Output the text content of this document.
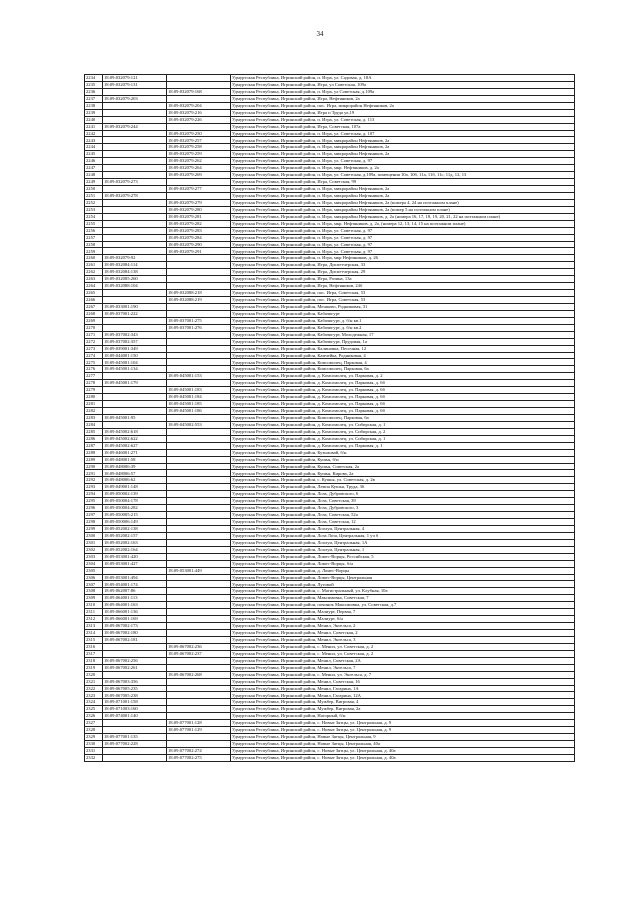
34
2234	18:09:032079:121		Удмуртская Республика, Игринский район, п. Игра, ул. Садовая, д. 18А
2235	18:09:032079:131		Удмуртская Республика, Игринский район, Игра, ул Советская, 109а
2236		18:09:032079:168	Удмуртская Республика, Игринский район, п. Игра, ул Советская, д.109а
2237	18:09:032079:203		Удмуртская Республика, Игринский район, Игра, Нефтяников, 2а
2238		18:09:032079:204	Удмуртская Республика, Игринский район, пос. Игра, микрорайон Нефтяников, 2а
2239		18:09:032079:216	Удмуртская Республика, Игринский район, Игра п Труда ул,19
2240		18:09:032079:226	Удмуртская Республика, Игринский район, п. Игра, ул. Советская, д. 113
2241	18:09:032079:244		Удмуртская Республика, Игринский район, Игра, Советская, 107а
2242		18:09:032079:250	Удмуртская Республика, Игринский район, п. Игра, ул. Советская, д. 107
2243		18:09:032079:257	Удмуртская Республика, Игринский район, п. Игра, микрорайон Нефтяников, 2а
2244		18:09:032079:258	Удмуртская Республика, Игринский район, п. Игра, микрорайон Нефтяников, 2а
2245		18:09:032079:259	Удмуртская Республика, Игринский район, п. Игра, микрорайон Нефтяников, 2а
2246		18:09:032079:262	Удмуртская Республика, Игринский район, п. Игра, ул. Советская, д. 97
2247		18:09:032079:264	Удмуртская Республика, Игринский район, п. Игра, мкр. Нефтяников, д. 2а
2248		18:09:032079:269	Удмуртская Республика, Игринский район, п. Игра, ул. Советская, д.109а, помещения 10а, 10б, 11а, 11б, 11с, 11д, 12, 13
2249	18:09:032079:273		Удмуртская Республика, Игринский район, Игра, Советская, 99
2250		18:09:032079:277	Удмуртская Республика, Игринский район, п. Игра, микрорайон Нефтяников, 2а
2251	18:09:032079:278		Удмуртская Республика, Игринский район, п. Игра, микрорайон Нефтяников, 2а
2252		18:09:032079:279	Удмуртская Республика, Игринский район, п. Игра, микрорайон Нефтяников, 2а (номера 4, 24 на поэтажном плане)
2253		18:09:032079:280	Удмуртская Республика, Игринский район, п. Игра, микрорайон Нефтяников, 2а (номер 5 на поэтажном плане)
2254		18:09:032079:281	Удмуртская Республика, Игринский район, п. Игра, микрорайон Нефтяников, д. 2а (номера 16, 17, 18, 19, 20, 21, 22 на поэтажном плане)
2255		18:09:032079:282	Удмуртская Республика, Игринский район, п. Игра, мкр. Нефтяников, д. 2а, (номера 12, 13, 14, 15 на поэтажном плане)
2256		18:09:032079:283	Удмуртская Республика, Игринский район, п. Игра, ул. Советская, д. 97
2257		18:09:032079:284	Удмуртская Республика, Игринский район, п. Игра, ул. Советская, д. 97
2258		18:09:032079:290	Удмуртская Республика, Игринский район, п. Игра, ул. Советская, д. 97
2259		18:09:032079:291	Удмуртская Республика, Игринский район, п. Игра, ул. Советская, д. 97
2260	18:09:032079:92		Удмуртская Республика, Игринский район, п. Игра, мкр Нефтяников, д. 26
2261	18:09:032084:114		Удмуртская Республика, Игринский район, Игра, Диспетчерская, 33
2262	18:09:032084:138		Удмуртская Республика, Игринский район, Игра, Диспетчерская, 29
2263	18:09:032085:260		Удмуртская Республика, Игринский район, Игра, Разина, 13а
2264	18:09:032088:104		Удмуртская Республика, Игринский район, Игра, Нефтяников, 24б
2265		18:09:032088:218	Удмуртская Республика, Игринский район, пос. Игра, Советская, 53
2266		18:09:032088:219	Удмуртская Республика, Игринский район, пос. Игра, Советская, 53
2267	18:09:033001:190		Удмуртская Республика, Игринский район, Мешково, Родниковая, 31
2268	18:09:037001:222		Удмуртская Республика, Игринский район, Кабачигурт
2269		18:09:037001:275	Удмуртская Республика, Игринский район, Кабачигурт, д. б/н кв.1
2270		18:09:037001:276	Удмуртская Республика, Игринский район, Кабачигурт, д. б/н кв.2
2271	18:09:037002:343		Удмуртская Республика, Игринский район, Кабачигурт, Молодежная, 17
2272	18:09:037002:357		Удмуртская Республика, Игринский район, Кабачигурт, Прудовая, 1а
2273	18:09:039001:349		Удмуртская Республика, Игринский район, Калиновка, Песочная, 12
2274	18:09:044001:150		Удмуртская Республика, Игринский район, Камчейка, Родниковая, 4
2275	18:09:045001:104		Удмуртская Республика, Игринский район, Комсомолец, Парковая, 4
2276	18:09:045001:134		Удмуртская Республика, Игринский район, Комсомолец, Парковая, 6а
2277		18:09:045001:153	Удмуртская Республика, Игринский район, д. Комсомолец, ул. Парковая, д. 2
2278	18:09:045001:179		Удмуртская Республика, Игринский район, д. Комсомолец, ул. Парковая, д. 6б
2279		18:09:045001:183	Удмуртская Республика, Игринский район, д. Комсомолец, ул. Парковая, д. 6б
2280		18:09:045001:184	Удмуртская Республика, Игринский район, д. Комсомолец, ул. Парковая, д. 6б
2281		18:09:045001:185	Удмуртская Республика, Игринский район, д. Комсомолец, ул. Парковая, д. 6б
2282		18:09:045001:186	Удмуртская Республика, Игринский район, д. Комсомолец, ул. Парковая, д. 6б
2283	18:09:045001:95		Удмуртская Республика, Игринский район, Комсомолец, Парковая, 6а
2284		18:09:045002:553	Удмуртская Республика, Игринский район, д. Комсомолец, ул. Сибирская, д. 1
2285	18:09:045002:618		Удмуртская Республика, Игринский район, д. Комсомолец, ул. Сибирская, д. 2
2286	18:09:045002:622		Удмуртская Республика, Игринский район, д. Комсомолец, ул. Сибирская, д. 1
2287	18:09:045002:627		Удмуртская Республика, Игринский район, д. Комсомолец, ул. Парковая, д. 1
2288	18:09:046001:271		Удмуртская Республика, Игринский район, Кузьмовай, б/н
2289	18:09:048001:58		Удмуртская Республика, Игринский район, Кушья, б/н
2290	18:09:048006:39		Удмуртская Республика, Игринский район, Кушья, Советская, 2а
2291	18:09:048006:57		Удмуртская Республика, Игринский район, Кушья, Кирова, 2а
2292	18:09:048006:62		Удмуртская Республика, Игринский район, с. Кушья, ул. Советская, д. 2в
2293	18:09:049001:148		Удмуртская Республика, Игринский район, Лемпа Кушья, Труда, 36
2294	18:09:050002:139		Удмуртская Республика, Игринский район, Лоза, Дубровского, 6
2295	18:09:050004:178		Удмуртская Республика, Игринский район, Лоза, Советская, 39
2296	18:09:050004:282		Удмуртская Республика, Игринский район, Лоза, Дубровского, 3
2297	18:09:050005:215		Удмуртская Республика, Игринский район, Лоза, Советская, 52а
2298	18:09:050006:149		Удмуртская Республика, Игринский район, Лоза, Советская, 12
2299	18:09:052002:138		Удмуртская Республика, Игринский район, Лоолуи, Центральная, 4
2300	18:09:052002:157		Удмуртская Республика, Игринский район, Лоза Лоза, Центральная, 1 уч б
2301	18:09:052002:163		Удмуртская Республика, Игринский район, Лоолуи, Центральная, 1А
2302	18:09:052002:164		Удмуртская Республика, Игринский район, Лоолуи, Центральная, 1
2303	18:09:053001:420		Удмуртская Республика, Игринский район, Ломес-Ворцы, Российская, 5
2304	18:09:053001:427		Удмуртская Республика, Игринский район, Ломес-Ворцы, б/н
2305		18:09:053001:449	Удмуртская Республика, Игринский район, д. Ломес-Ворцы
2306	18:09:053001:494		Удмуртская Республика, Игринский район, Ломес-Ворцы, Центральная
2307	18:09:054001:174		Удмуртская Республика, Игринский район, Луговой
2308	18:09:062007:86		Удмуртская Республика, Игринский район, с. Магистральный, ул. Клубная, 10а
2309	18:09:064001:113		Удмуртская Республика, Игринский район, Максимовка, Советская, 7
2310	18:09:064001:163		Удмуртская Республика, Игринский район, починок Максимовка, ул. Советская, д.7
2311	18:09:066001:136		Удмуртская Республика, Игринский район, Малиурт, Первая, 7
2312	18:09:066001:169		Удмуртская Республика, Игринский район, Малиурт, б/н
2313	18:09:067002:173		Удмуртская Республика, Игринский район, Менил, Энгельса, 2
2314	18:09:067002:180		Удмуртская Республика, Игринский район, Менил, Советская, 2
2315	18:09:067002:181		Удмуртская Республика, Игринский район, Менил, Энгельса, 3
2316		18:09:067002:236	Удмуртская Республика, Игринский район, с. Менил, ул. Советская, д. 2
2317		18:09:067002:237	Удмуртская Республика, Игринский район, с. Менил, ул. Советская, д. 2
2318	18:09:067002:256		Удмуртская Республика, Игринский район, Менил, Советская, 2А
2319	18:09:067002:261		Удмуртская Республика, Игринский район, Менил, Энгельса, 7
2320		18:09:067002:268	Удмуртская Республика, Игринский район, с. Менил, ул. Энгельса, д. 7
2321	18:09:067003:356		Удмуртская Республика, Игринский район, Менил, Советская, 16
2322	18:09:067005:235		Удмуртская Республика, Игринский район, Менил, Гагарина, 1А
2323	18:09:067005:238		Удмуртская Республика, Игринский район, Менил, Гагарина, 12А
2324	18:09:071001:158		Удмуртская Республика, Игринский район, Мужбер, Вятровая, 4
2325	18:09:071003:160		Удмуртская Республика, Игринский район, Мужбер, Вятровая, 2а
2326	18:09:074001:140		Удмуртская Республика, Игринский район, Нагорный, б/н
2327		18:09:077001:128	Удмуртская Республика, Игринский район, с. Новые Зятцы, ул. Центральная, д. 9
2328		18:09:077001:129	Удмуртская Республика, Игринский район, с. Новые Зятцы, ул. Центральная, д. 9
2329	18:09:077001:135		Удмуртская Республика, Игринский район, Новые Зятцы, Центральная, 9
2330	18:09:077002:228		Удмуртская Республика, Игринский район, Новые Зятцы, Центральная, 40а
2331		18:09:077002:274	Удмуртская Республика, Игринский район, с. Новые Зятцы, ул. Центральная, д. 40а
2332		18:09:077002:275	Удмуртская Республика, Игринский район, с. Новые Зятцы, ул. Центральная, д. 40а
